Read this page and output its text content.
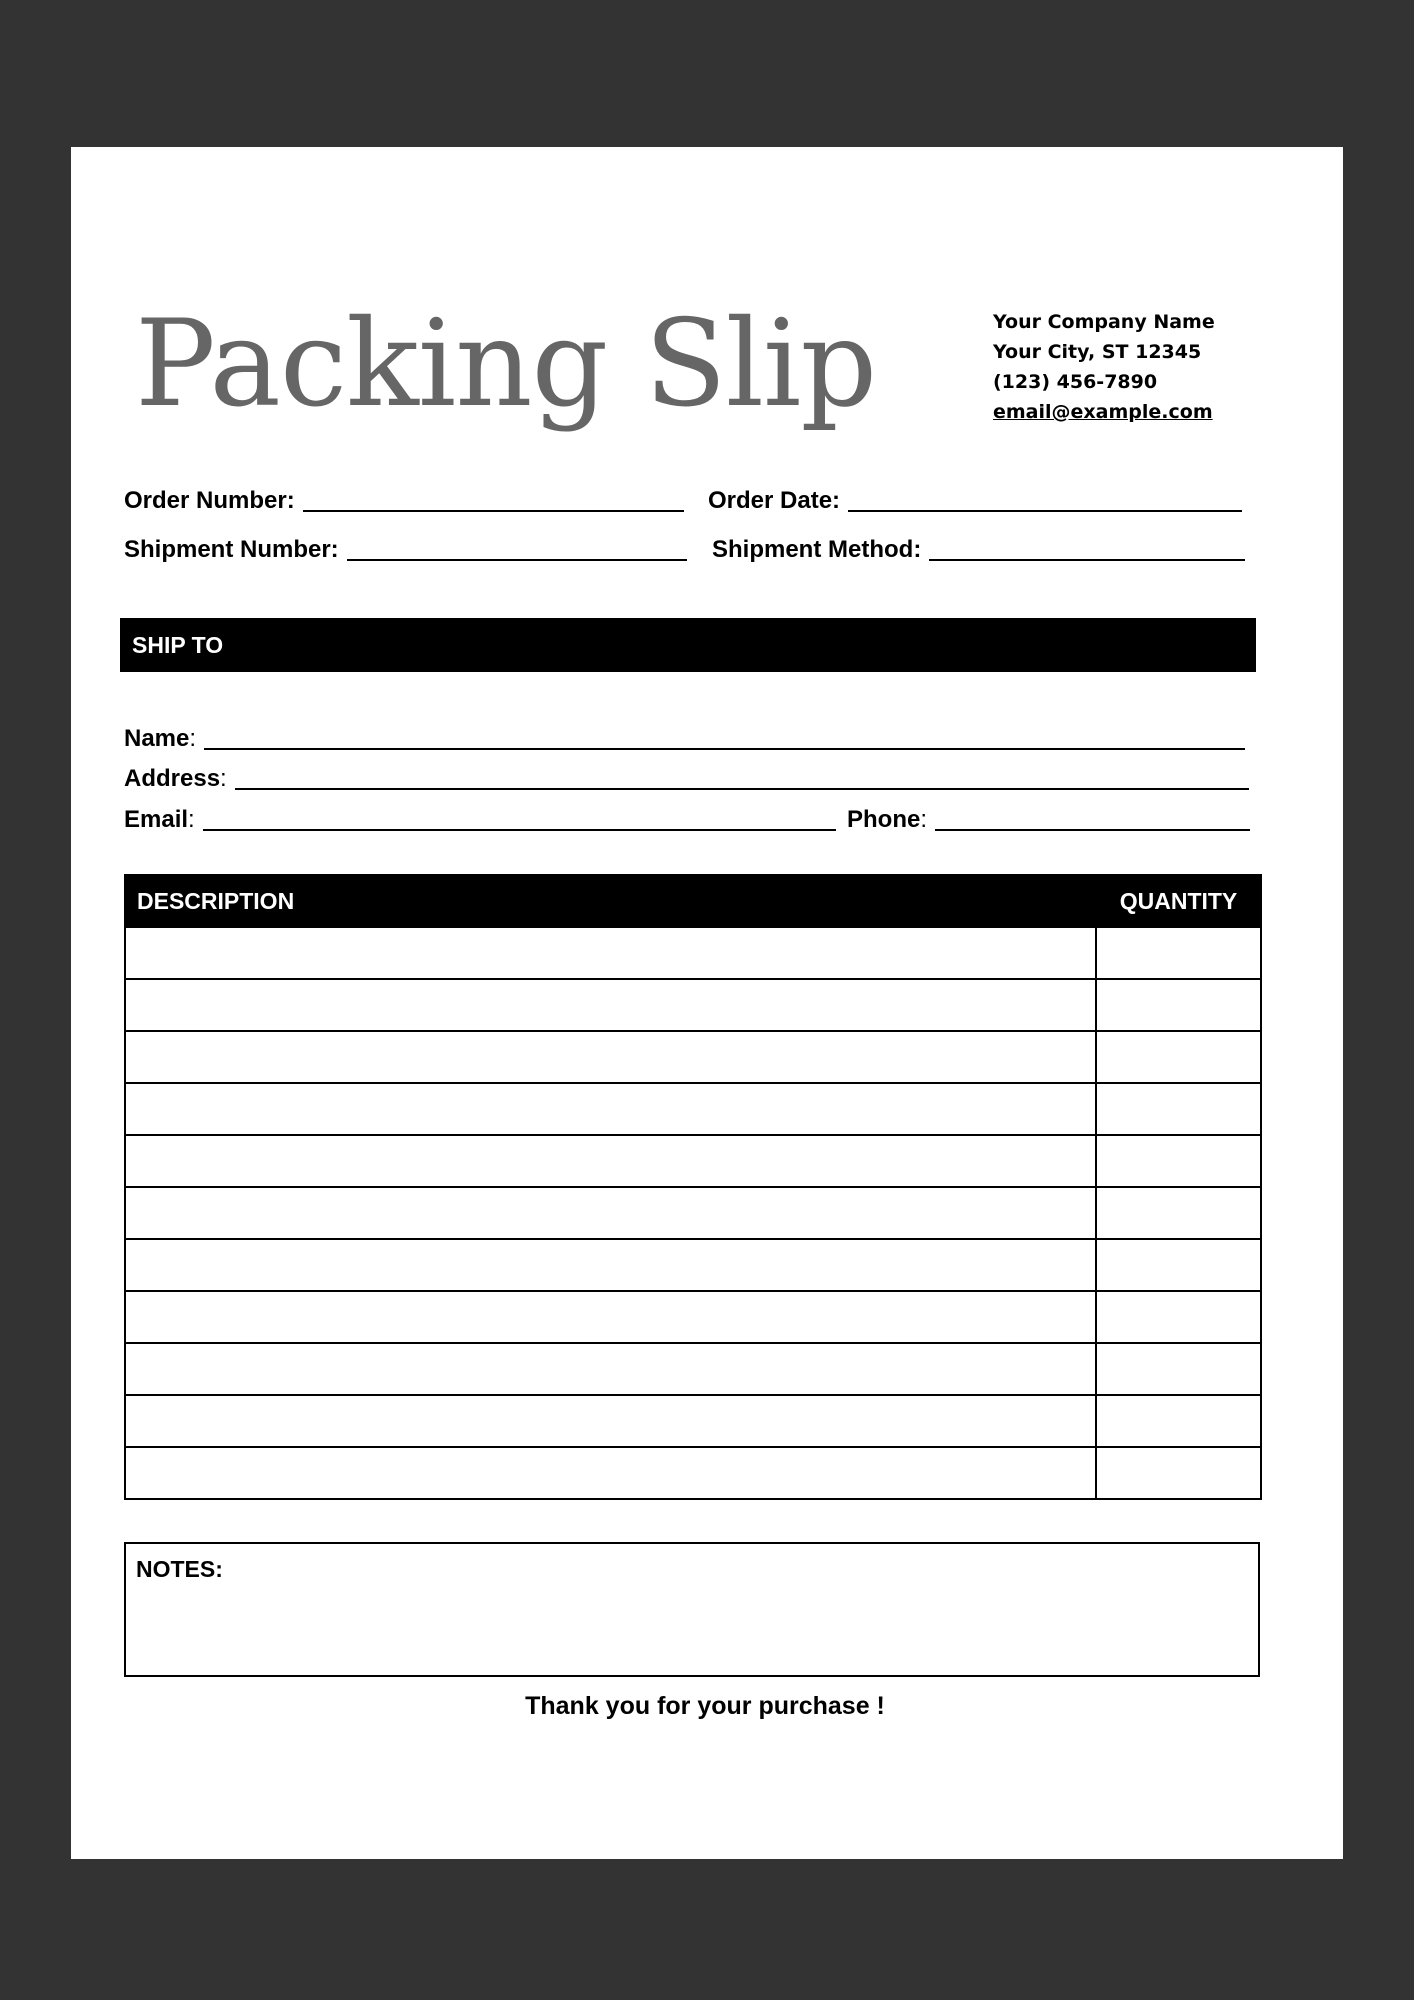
Packing Slip	Your Company Name
Your City, ST 12345
(123) 456-7890
email@example.com
Order Number:	Order Date:
Shipment Number:	Shipment Method:
SHIP TO
Name:
Address:
Email:	Phone:
DESCRIPTION	QUANTITY

NOTES:
Thank you for your purchase !
